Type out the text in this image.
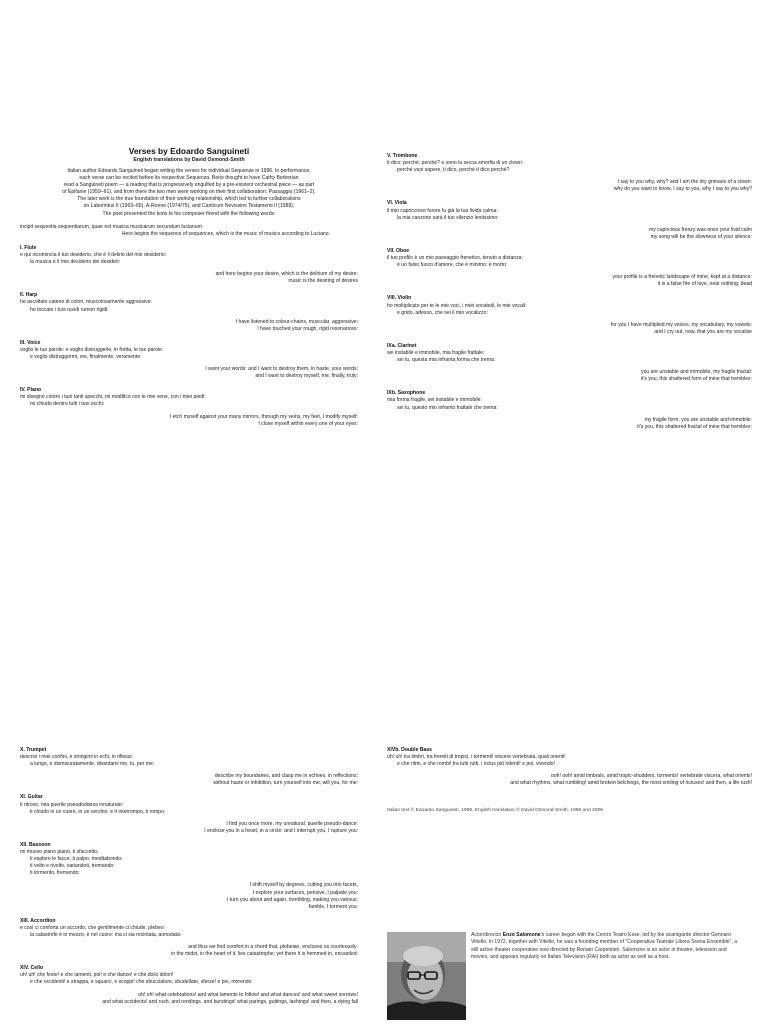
Verses by Edoardo Sanguineti
English translations by David Osmond-Smith

Italian author Edoardo Sanguineti began writing the verses for individual Sequenze in 1996. In performance,

each verse can be recited before its respective Sequenza. Berio thought to have Cathy Berberian

read a Sanguineti poem — a reading that is progressively engulfed by a pre-existent orchestral piece — as part

of Epifanie (1959–61), and from there the two men were working on their first collaboration: Passaggio (1961–2).

The later work is the true foundation of their working relationship, which led to further collaborations

on Laborintus II (1963–65), A-Ronne (1974/75), and Canticum Novissimi Testamenti II (1989).

The poet presented the texts to his composer friend with the following words:

incipit sequentia sequentiarum, quae est musica musicarum secundum lucianum
Here begins the sequence of sequences, which is the music of musics according to Luciano.
I. Flute

e qui incomincia il tuo desiderio, che è il delirio del mio desiderio:

la musica è il mio desiderio dei desideri:

and here begins your desire, which is the delirium of my desire:

music is the desiring of desires

II. Harp

ho ascoltato catene di colori, muscolosamente aggressive:

ho toccato i tuoi ruvidi rumori rigidi:

I have listened to colour-chains, muscular, aggressive:

I have touched your rough, rigid resonances:

III. Voice

voglio le tue parole: e voglio distruggerle, in fretta, le tue parole:

e voglio distruggermi, me, finalmente, veramente:

I want your words: and I want to destroy them, in haste, your words:

and I want to destroy myself, me, finally, truly:

IV. Piano

mi disegno contro i tuoi tanti specchi, mi modifico con le mie vene, con i miei piedi:

mi chiudo dentro tutti i tuoi occhi:

I etch myself against your many mirrors, through my veins, my feet, I modify myself:

I close myself within every one of your eyes:

V. Trombone

ti dico: perché, perché? e sono la secca smorfia di un clown:

perché vuoi sapere, ti dico, perché ti dico perché?

I say to you why, why? and I am the dry grimace of a clown:

why do you want to know, I say to you, why I say to you why?

VI. Viola

il mio capriccioso furore fu già la tua livida calma:

la mia canzone sarà il tuo silenzio lentissimo:

my capricious frenzy was once your livid calm

my song will be the slowness of your silence:

VII. Oboe

il tuo profilo è un mio paesaggio frenetico, tenuto a distanza:

è un falso fuoco d'amore, che è minimo: è morto:

your profile is a frenetic landscape of mine, kept at a distance:

it is a false fire of love, near nothing: dead

VIII. Violin

ho moltiplicato per te le mie voci, i miei vocaboli, le mie vocali:

e grido, adesso, che sei il mio vocalizzo:

for you I have multiplied my voices, my vocabulary, my vowels:

and I cry out, now, that you are my vocalise

IXa. Clarinet

sei instabile e immobile, mia fragile frattale:

sei tu, questa mia infranta forma che trema:

you are unstable and immobile, my fragile fractal:

it's you, this shattered form of mine that trembles:

IXb. Saxophone

mia forma fragile, sei instabile e immobile:

sei tu, questo mio infranto frattale che trema:

my fragile form, you are unstable and immobile:

it's you, this shattered fractal of mine that trembles:

X. Trumpet

descrivi i miei confini, e stringimi in echi, in riflessi:

a lungo, e dismisuratamente, diventami me, tu, per me:

describe my boundaries, and clasp me in echoes, in reflections:

without haste or inhibition, turn yourself into me, will you, for me:

XI. Guitar

ti ritrovo, mia puerile pseudodanza innaturale:

ti chiudo in un cuore, in un cerchio: e ti interrompo, ti rompo:

I find you once more, my unnatural, puerile pseudo-dance:

I enclose you in a heart, in a circle: and I interrupt you, I rupture you:

XII. Bassoon

mi muovo piano piano, ti sfaccetto,

ti esploro le facce, ti palpo, meditabondo:

ti volto e rivolto, variandoti, tremando:

ti tormento, fremendo:

I shift myself by degrees, cutting you into facets,

I explore your surfaces, pensive, I palpate you:

I turn you about and again, trembling, making you various:

famble, I torment you:

XIII. Accordion

e così ci conforta un accordo, che gentilmente ci chiude, plebeo:

la catastrofe è in mezzo, è nel cuore: ma ci sia recintata, annodata:

and thus we find comfort in a chord that, plebeian, encloses us courteously:

in the midst, in the heart of it, lies catastrophe: yet there it is hemmed in, encastled:

XIV. Cello

uh! uh! che feste! e che lamenti, poi! e che danze! e che dolci dolori!

e che occidenti! e strappa, e squarci, e scoppi! che sbucciature, sbudellate, sferze! e poi, morendo

oh! oh! what celebrations! and what laments to follow! and what dances! and what sweet sorrows!

and what occidents! and rush, and rendings, and burstings! what parings, guttings, lashings! and then, a dying fall

XIVb. Double Bass

uh! uh! tra timbri, tra fremiti di tropici, i tormenti! viscere vertebrata, quali orienti!

e che ritmi, e che rombi! tra tutti rutti, i rictus più ridenti! e poi, vivendo!

ooh! ooh! amid timbrals, amid tropic-shudders, torments! vertebrate viscera, what orients!

and what rhythms, what rumbling! amid broken belchings, the most smiling of rictuses! and then, a life rush!

Italian text © Edoardo Sanguineti, 1996. English translation © David Osmond-Smith, 1996 and 2006
Actor/director Enzo Salomone's career began with the Centro Teatro Esse, led by the avantgarde director Gennaro Vitiello. In 1972, together with Vitiello, he was a founding member of "Cooperativa Teatrale Libera Scena Ensemble", a still active theater cooperative now directed by Renato Carpentieri. Salomone is an actor in theatre, television and movies, and appears regularly on Italian Television (RAI) both as actor as well as a host.
